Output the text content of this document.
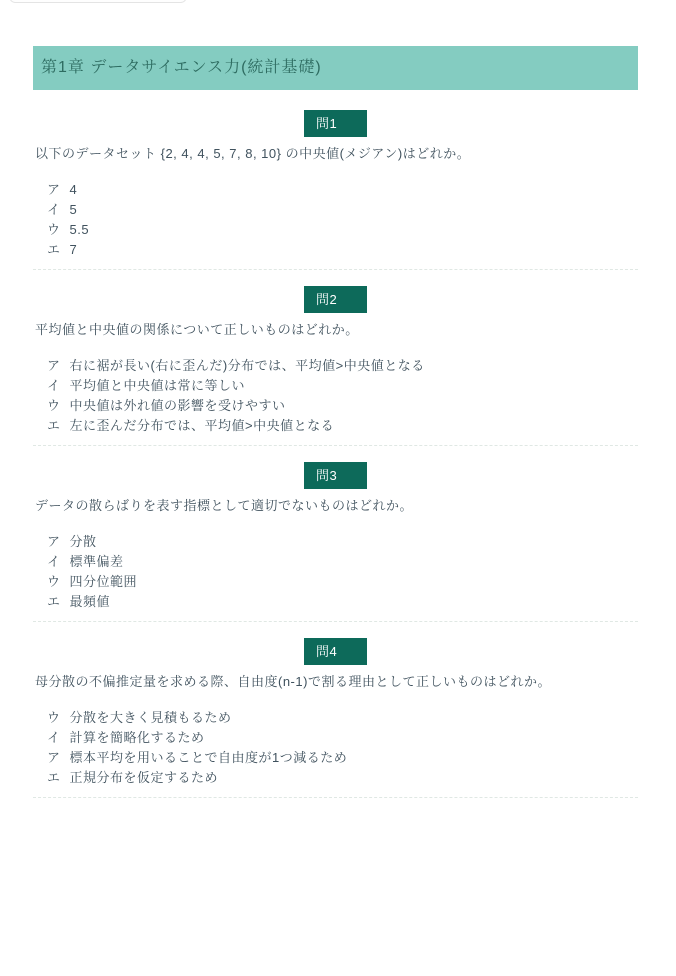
第1章 データサイエンス力(統計基礎)
問1
以下のデータセット {2, 4, 4, 5, 7, 8, 10} の中央値(メジアン)はどれか。
ア 4
イ 5
ウ 5.5
エ 7
問2
平均値と中央値の関係について正しいものはどれか。
ア 右に裾が長い(右に歪んだ)分布では、平均値>中央値となる
イ 平均値と中央値は常に等しい
ウ 中央値は外れ値の影響を受けやすい
エ 左に歪んだ分布では、平均値>中央値となる
問3
データの散らばりを表す指標として適切でないものはどれか。
ア 分散
イ 標準偏差
ウ 四分位範囲
エ 最頻値
問4
母分散の不偏推定量を求める際、自由度(n-1)で割る理由として正しいものはどれか。
ウ 分散を大きく見積もるため
イ 計算を簡略化するため
ア 標本平均を用いることで自由度が1つ減るため
エ 正規分布を仮定するため
